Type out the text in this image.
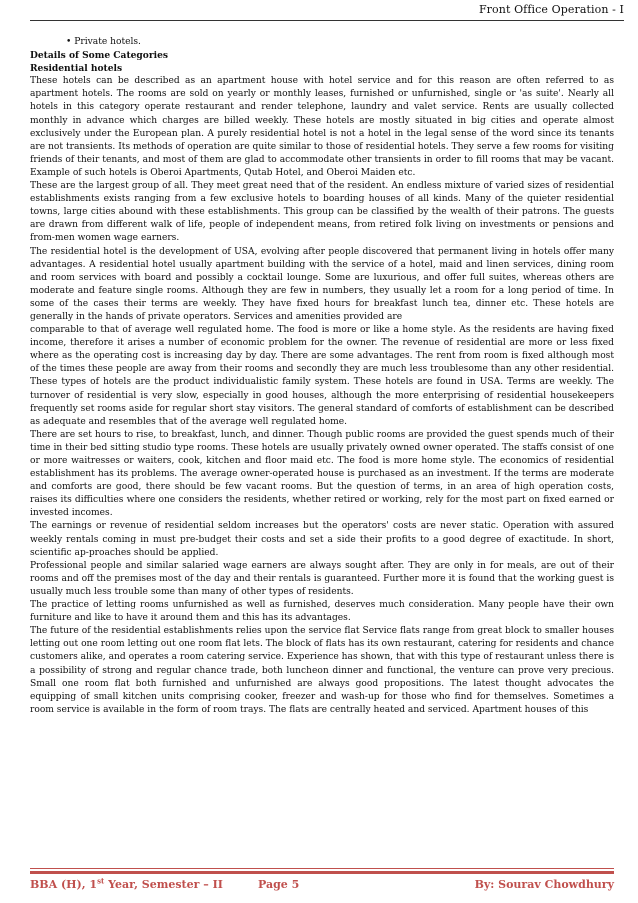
Front Office Operation - I
• Private hotels.
Details of Some Categories
Residential hotels

These hotels can be described as an apartment house with hotel service and for this reason are often referred to as apartment hotels. The rooms are sold on yearly or monthly leases, furnished or unfurnished, single or 'as suite'. Nearly all hotels in this category operate restaurant and render telephone, laundry and valet service. Rents are usually collected monthly in advance which charges are billed weekly. These hotels are mostly situated in big cities and operate almost exclusively under the European plan. A purely residential hotel is not a hotel in the legal sense of the word since its tenants are not transients. Its methods of operation are quite similar to those of residential hotels. They serve a few rooms for visiting friends of their tenants, and most of them are glad to accommodate other transients in order to fill rooms that may be vacant. Example of such hotels is Oberoi Apartments, Qutab Hotel, and Oberoi Maiden etc.

These are the largest group of all. They meet great need that of the resident. An endless mixture of varied sizes of residential establishments exists ranging from a few exclusive hotels to boarding houses of all kinds. Many of the quieter residential towns, large cities abound with these establishments. This group can be classified by the wealth of their patrons. The guests are drawn from different walk of life, people of independent means, from retired folk living on investments or pensions and from-men women wage earners.

The residential hotel is the development of USA, evolving after people discovered that permanent living in hotels offer many advantages. A residential hotel usually apartment building with the service of a hotel, maid and linen services, dining room and room services with board and possibly a cocktail lounge. Some are luxurious, and offer full suites, whereas others are moderate and feature single rooms. Although they are few in numbers, they usually let a room for a long period of time. In some of the cases their terms are weekly. They have fixed hours for breakfast lunch tea, dinner etc. These hotels are generally in the hands of private operators. Services and amenities provided are

comparable to that of average well regulated home. The food is more or like a home style. As the residents are having fixed income, therefore it arises a number of economic problem for the owner. The revenue of residential are more or less fixed where as the operating cost is increasing day by day. There are some advantages. The rent from room is fixed although most of the times these people are away from their rooms and secondly they are much less troublesome than any other residential. These types of hotels are the product individualistic family system. These hotels are found in USA. Terms are weekly. The turnover of residential is very slow, especially in good houses, although the more enterprising of residential housekeepers frequently set rooms aside for regular short stay visitors. The general standard of comforts of establishment can be described as adequate and resembles that of the average well regulated home.

There are set hours to rise, to breakfast, lunch, and dinner. Though public rooms are provided the guest spends much of their time in their bed sitting studio type rooms. These hotels are usually privately owned owner operated. The staffs consist of one or more waitresses or waiters, cook, kitchen and floor maid etc. The food is more home style. The economics of residential establishment has its problems. The average owner-operated house is purchased as an investment. If the terms are moderate and comforts are good, there should be few vacant rooms. But the question of terms, in an area of high operation costs, raises its difficulties where one considers the residents, whether retired or working, rely for the most part on fixed earned or invested incomes.

The earnings or revenue of residential seldom increases but the operators' costs are never static. Operation with assured weekly rentals coming in must pre-budget their costs and set a side their profits to a good degree of exactitude. In short, scientific ap-proaches should be applied.

Professional people and similar salaried wage earners are always sought after. They are only in for meals, are out of their rooms and off the premises most of the day and their rentals is guaranteed. Further more it is found that the working guest is usually much less trouble some than many of other types of residents.

The practice of letting rooms unfurnished as well as furnished, deserves much consideration. Many people have their own furniture and like to have it around them and this has its advantages.

The future of the residential establishments relies upon the service flat Service flats range from great block to smaller houses letting out one room letting out one room flat lets. The block of flats has its own restaurant, catering for residents and chance customers alike, and operates a room catering service. Experience has shown, that with this type of restaurant unless there is a possibility of strong and regular chance trade, both luncheon dinner and functional, the venture can prove very precious. Small one room flat both furnished and unfurnished are always good propositions. The latest thought advocates the equipping of small kitchen units comprising cooker, freezer and wash-up for those who find for themselves. Sometimes a room service is available in the form of room trays. The flats are centrally heated and serviced. Apartment houses of this

BBA (H), 1st Year, Semester – II	Page 5	By: Sourav Chowdhury
